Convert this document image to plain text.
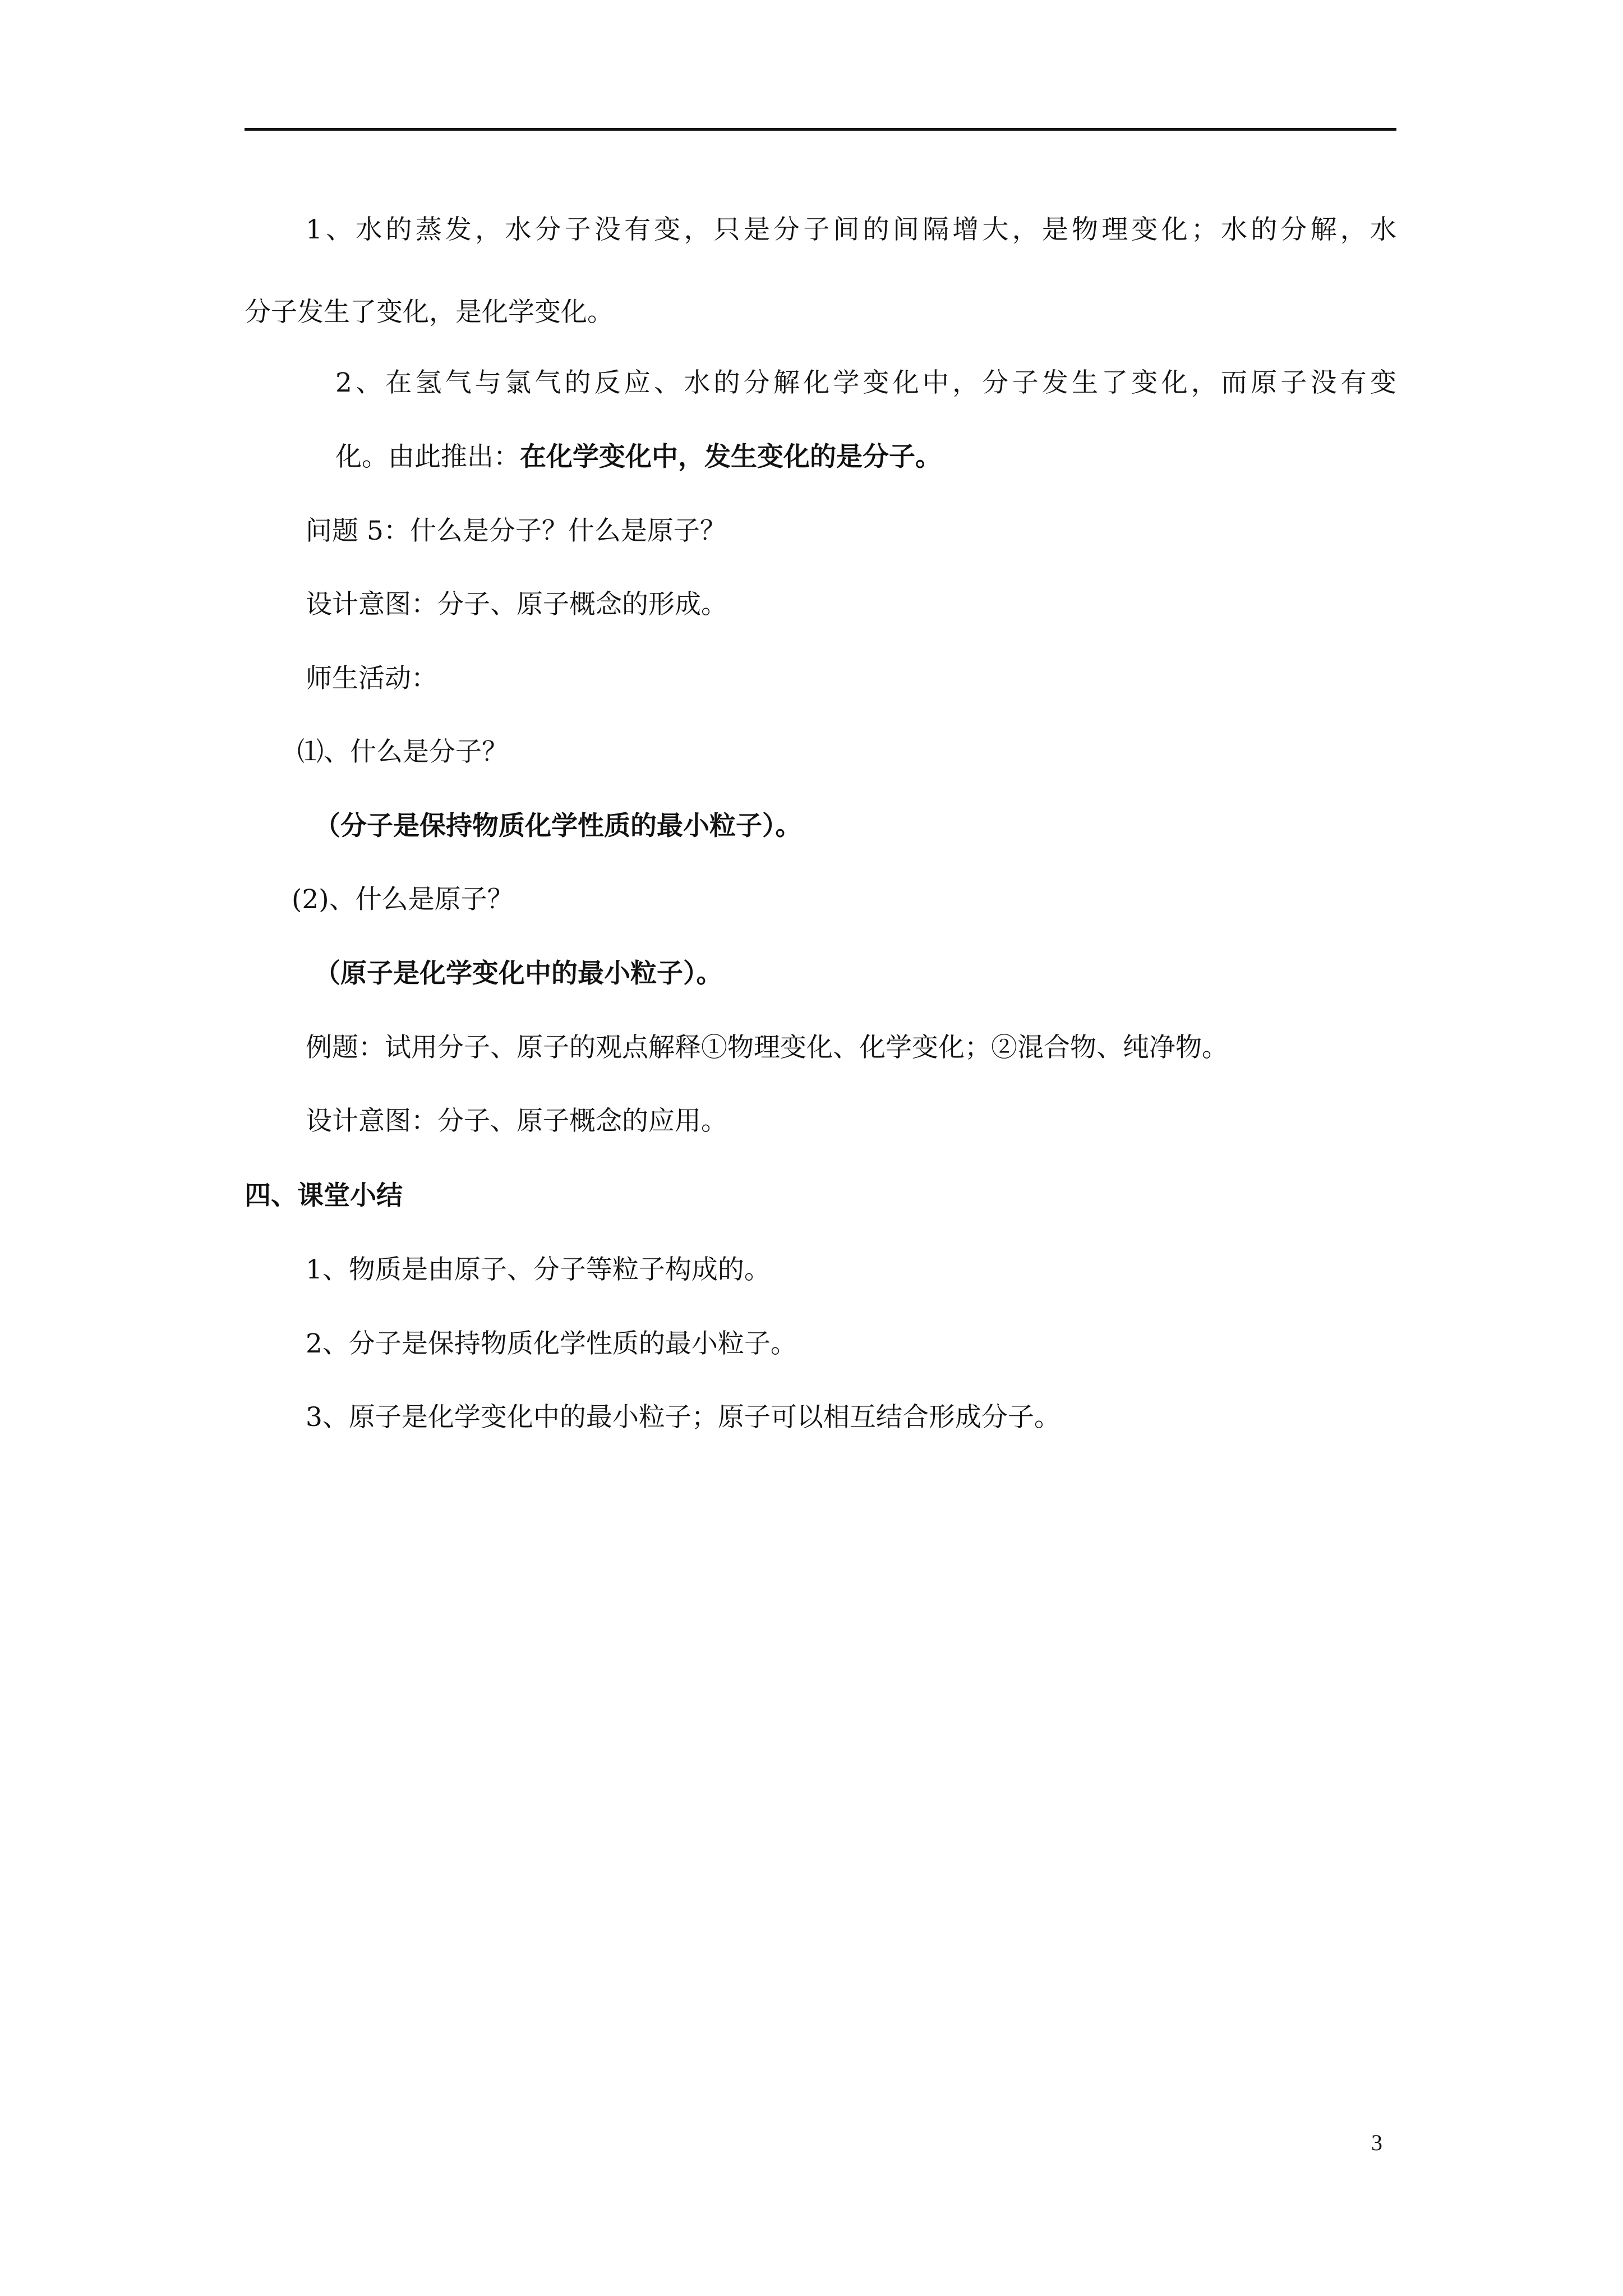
1、水的蒸发，水分子没有变，只是分子间的间隔增大，是物理变化；水的分解，水
分子发生了变化，是化学变化。
2、在氢气与氯气的反应、水的分解化学变化中，分子发生了变化，而原子没有变
化。由此推出：在化学变化中，发生变化的是分子。
问题 5：什么是分子？什么是原子？
设计意图：分子、原子概念的形成。
师生活动：
⑴、什么是分子？
（分子是保持物质化学性质的最小粒子）。
(2)、什么是原子？
（原子是化学变化中的最小粒子）。
例题：试用分子、原子的观点解释①物理变化、化学变化；②混合物、纯净物。
设计意图：分子、原子概念的应用。
四、课堂小结
1、物质是由原子、分子等粒子构成的。
2、分子是保持物质化学性质的最小粒子。
3、原子是化学变化中的最小粒子；原子可以相互结合形成分子。
3
